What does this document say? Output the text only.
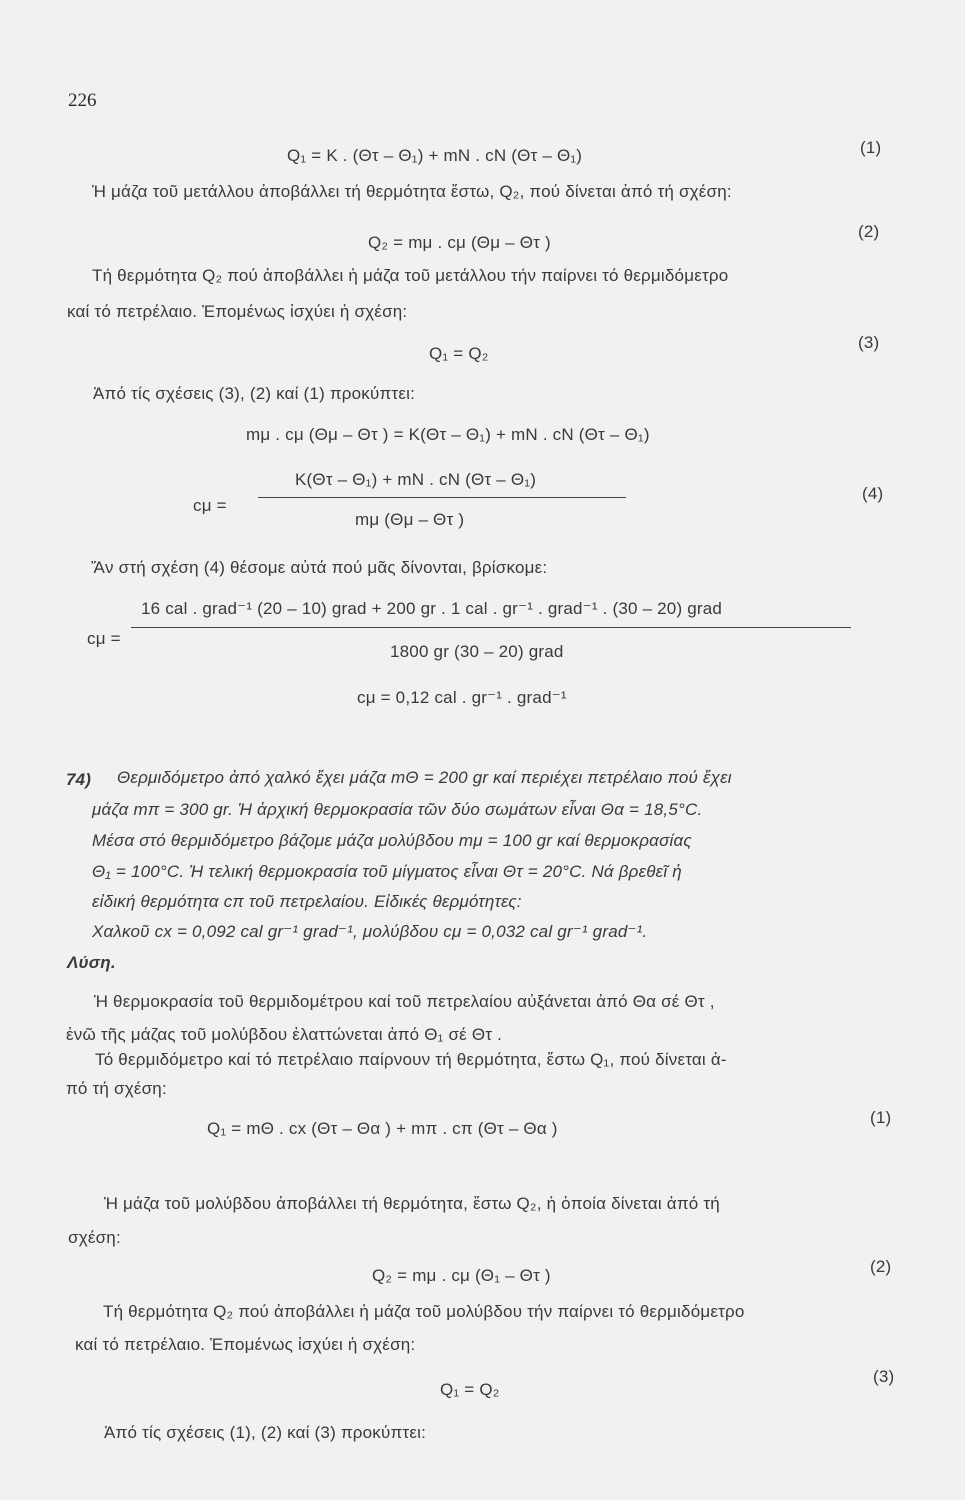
226
Q₁ = K . (Θτ – Θ₁) + mN . cN (Θτ – Θ₁)	(1)
Ἡ μάζα τοῦ μετάλλου ἀποβάλλει τή θερμότητα ἔστω, Q₂, πού δίνεται ἀπό τή σχέση:
Q₂ = mμ . cμ (Θμ – Θτ )
(2)
Τή θερμότητα Q₂ πού ἀποβάλλει ἡ μάζα τοῦ μετάλλου τήν παίρνει τό θερμιδόμετρο
καί τό πετρέλαιο. Ἑπομένως ἰσχύει ἡ σχέση:
Q₁ = Q₂
(3)
Ἀπό τίς σχέσεις (3), (2) καί (1) προκύπτει:
mμ . cμ (Θμ – Θτ ) = K(Θτ – Θ₁) + mN . cN (Θτ – Θ₁)
cμ =
K(Θτ – Θ₁) + mN . cN (Θτ – Θ₁)
mμ (Θμ – Θτ )
(4)
Ἄν στή σχέση (4) θέσομε αὐτά πού μᾶς δίνονται, βρίσκομε:
cμ =
16 cal . grad⁻¹ (20 – 10) grad + 200 gr . 1 cal . gr⁻¹ . grad⁻¹ . (30 – 20) grad
1800 gr (30 – 20) grad
cμ = 0,12 cal . gr⁻¹ . grad⁻¹
74) Θερμιδόμετρο ἀπό χαλκό ἔχει μάζα mΘ = 200 gr καί περιέχει πετρέλαιο πού ἔχει
μάζα mπ = 300 gr. Ἡ ἀρχική θερμοκρασία τῶν δύο σωμάτων εἶναι Θα = 18,5°C.
Μέσα στό θερμιδόμετρο βάζομε μάζα μολύβδου mμ = 100 gr καί θερμοκρασίας
Θ₁ = 100°C. Ἡ τελική θερμοκρασία τοῦ μίγματος εἶναι Θτ = 20°C. Νά βρεθεῖ ἡ
εἰδική θερμότητα cπ τοῦ πετρελαίου. Εἰδικές θερμότητες:
Χαλκοῦ cx = 0,092 cal gr⁻¹ grad⁻¹, μολύβδου cμ = 0,032 cal gr⁻¹ grad⁻¹.
Λύση.
Ἡ θερμοκρασία τοῦ θερμιδομέτρου καί τοῦ πετρελαίου αὐξάνεται ἀπό Θα σέ Θτ ,
ἐνῶ τῆς μάζας τοῦ μολύβδου ἐλαττώνεται ἀπό Θ₁ σέ Θτ .
Τό θερμιδόμετρο καί τό πετρέλαιο παίρνουν τή θερμότητα, ἔστω Q₁, πού δίνεται ἀ-
πό τή σχέση:
Q₁ = mΘ . cx (Θτ – Θα ) + mπ . cπ (Θτ – Θα )
(1)
Ἡ μάζα τοῦ μολύβδου ἀποβάλλει τή θερμότητα, ἔστω Q₂, ἡ ὁποία δίνεται ἀπό τή
σχέση:
Q₂ = mμ . cμ (Θ₁ – Θτ )	(2)
Τή θερμότητα Q₂ πού ἀποβάλλει ἡ μάζα τοῦ μολύβδου τήν παίρνει τό θερμιδόμετρο
καί τό πετρέλαιο. Ἑπομένως ἰσχύει ἡ σχέση:
Q₁ = Q₂
(3)
Ἀπό τίς σχέσεις (1), (2) καί (3) προκύπτει:
